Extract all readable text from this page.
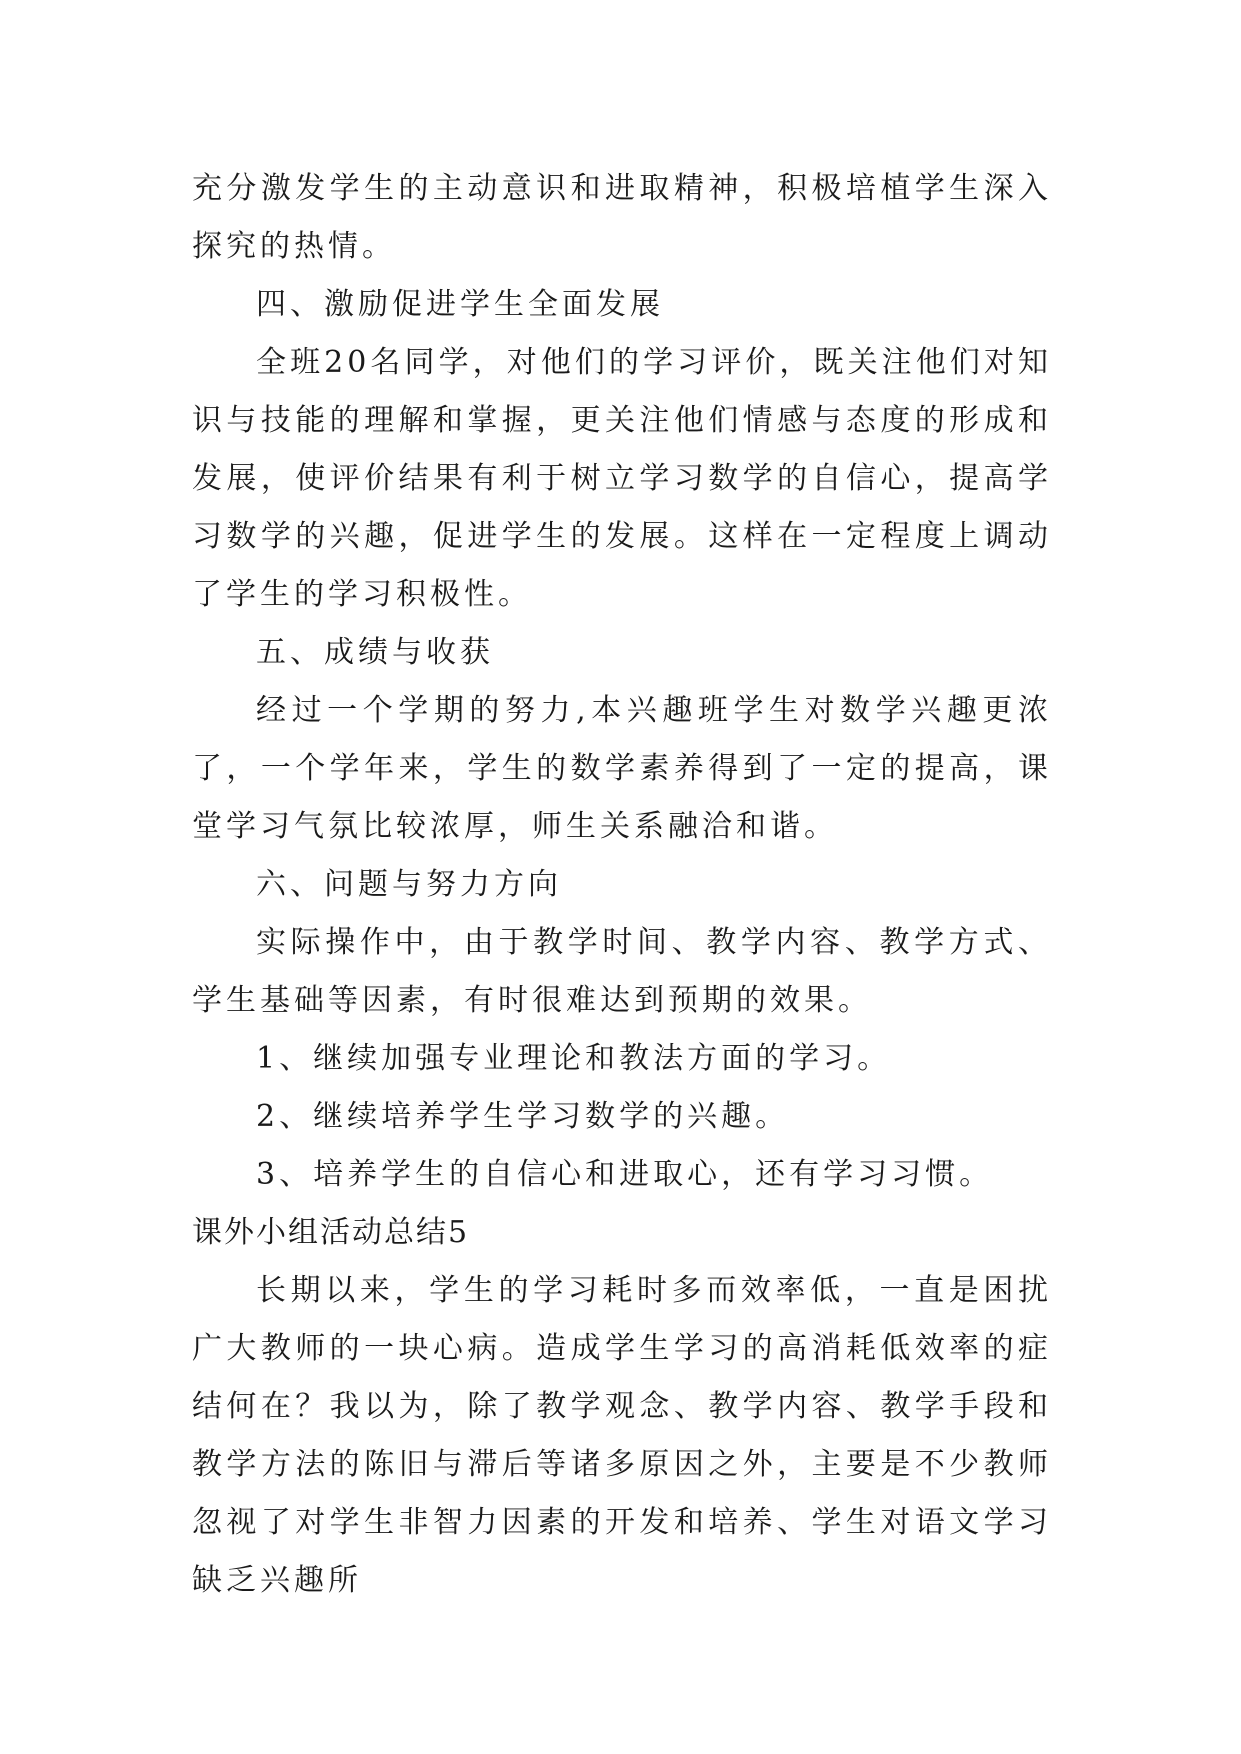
充分激发学生的主动意识和进取精神，积极培植学生深入探究的热情。

四、激励促进学生全面发展

全班20名同学，对他们的学习评价，既关注他们对知识与技能的理解和掌握，更关注他们情感与态度的形成和发展，使评价结果有利于树立学习数学的自信心，提高学习数学的兴趣，促进学生的发展。这样在一定程度上调动了学生的学习积极性。

五、成绩与收获

经过一个学期的努力,本兴趣班学生对数学兴趣更浓了，一个学年来，学生的数学素养得到了一定的提高，课堂学习气氛比较浓厚，师生关系融洽和谐。

六、问题与努力方向

实际操作中，由于教学时间、教学内容、教学方式、学生基础等因素，有时很难达到预期的效果。

1、继续加强专业理论和教法方面的学习。

2、继续培养学生学习数学的兴趣。

3、培养学生的自信心和进取心，还有学习习惯。

课外小组活动总结5

长期以来，学生的学习耗时多而效率低，一直是困扰广大教师的一块心病。造成学生学习的高消耗低效率的症结何在？我以为，除了教学观念、教学内容、教学手段和教学方法的陈旧与滞后等诸多原因之外，主要是不少教师忽视了对学生非智力因素的开发和培养、学生对语文学习缺乏兴趣所
